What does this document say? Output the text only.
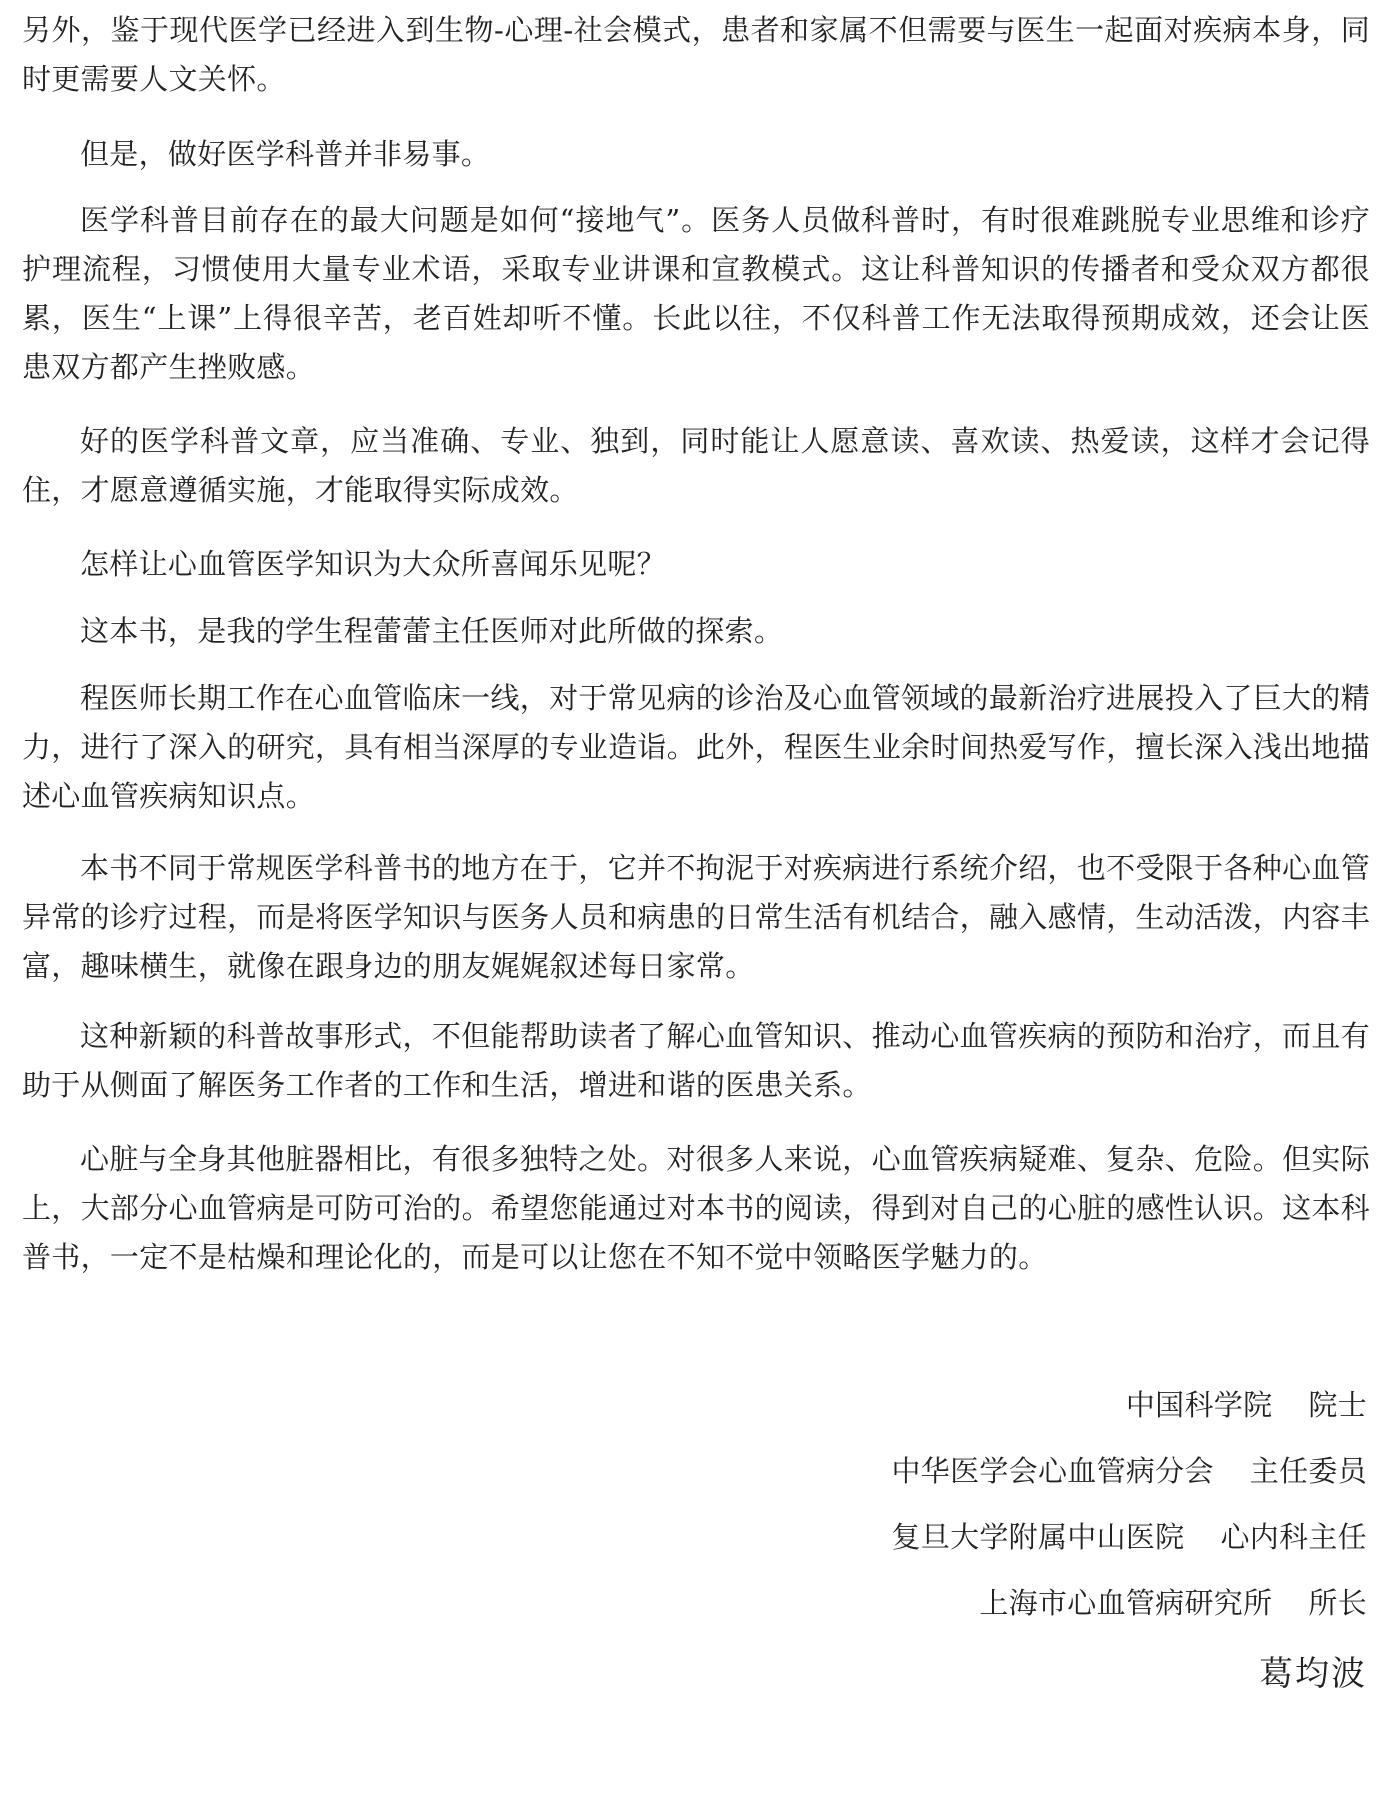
另外，鉴于现代医学已经进入到生物-心理-社会模式，患者和家属不但需要与医生一起面对疾病本身，同时更需要人文关怀。

但是，做好医学科普并非易事。

医学科普目前存在的最大问题是如何“接地气”。医务人员做科普时，有时很难跳脱专业思维和诊疗护理流程，习惯使用大量专业术语，采取专业讲课和宣教模式。这让科普知识的传播者和受众双方都很累，医生“上课”上得很辛苦，老百姓却听不懂。长此以往，不仅科普工作无法取得预期成效，还会让医患双方都产生挫败感。

好的医学科普文章，应当准确、专业、独到，同时能让人愿意读、喜欢读、热爱读，这样才会记得住，才愿意遵循实施，才能取得实际成效。

怎样让心血管医学知识为大众所喜闻乐见呢？

这本书，是我的学生程蕾蕾主任医师对此所做的探索。

程医师长期工作在心血管临床一线，对于常见病的诊治及心血管领域的最新治疗进展投入了巨大的精力，进行了深入的研究，具有相当深厚的专业造诣。此外，程医生业余时间热爱写作，擅长深入浅出地描述心血管疾病知识点。

本书不同于常规医学科普书的地方在于，它并不拘泥于对疾病进行系统介绍，也不受限于各种心血管异常的诊疗过程，而是将医学知识与医务人员和病患的日常生活有机结合，融入感情，生动活泼，内容丰富，趣味横生，就像在跟身边的朋友娓娓叙述每日家常。

这种新颖的科普故事形式，不但能帮助读者了解心血管知识、推动心血管疾病的预防和治疗，而且有助于从侧面了解医务工作者的工作和生活，增进和谐的医患关系。

心脏与全身其他脏器相比，有很多独特之处。对很多人来说，心血管疾病疑难、复杂、危险。但实际上，大部分心血管病是可防可治的。希望您能通过对本书的阅读，得到对自己的心脏的感性认识。这本科普书，一定不是枯燥和理论化的，而是可以让您在不知不觉中领略医学魅力的。

中国科学院 院士
中华医学会心血管病分会 主任委员
复旦大学附属中山医院 心内科主任
上海市心血管病研究所 所长
葛均波
